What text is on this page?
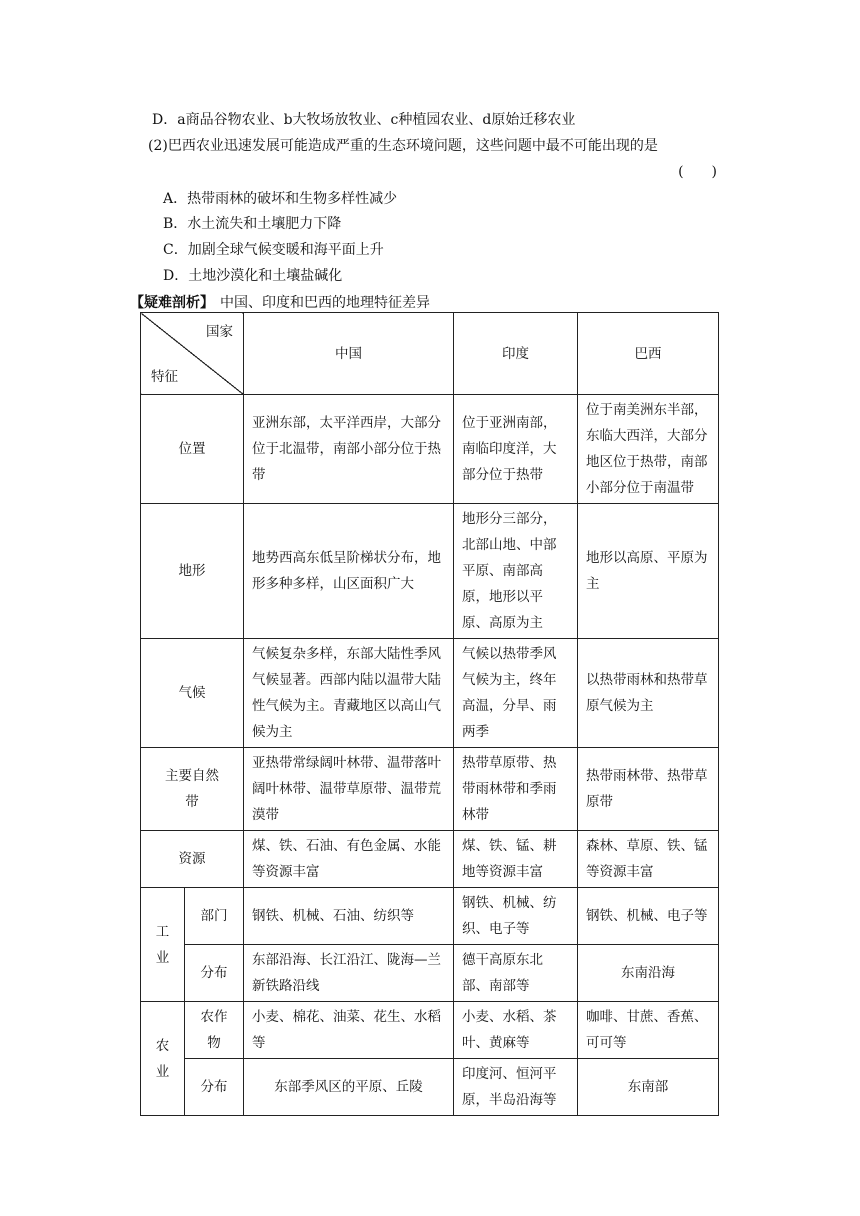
D．a商品谷物农业、b大牧场放牧业、c种植园农业、d原始迁移农业
(2)巴西农业迅速发展可能造成严重的生态环境问题，这些问题中最不可能出现的是
(　　)
A．热带雨林的破坏和生物多样性减少
B．水土流失和土壤肥力下降
C．加剧全球气候变暖和海平面上升
D．土地沙漠化和土壤盐碱化
【疑难剖析】 中国、印度和巴西的地理特征差异
国家
特征		中国	印度	巴西
位置		亚洲东部，太平洋西岸，大部分位于北温带，南部小部分位于热带	位于亚洲南部，南临印度洋，大部分位于热带	位于南美洲东半部，东临大西洋，大部分地区位于热带，南部小部分位于南温带
地形		地势西高东低呈阶梯状分布，地形多种多样，山区面积广大	地形分三部分，北部山地、中部平原、南部高原，地形以平原、高原为主	地形以高原、平原为主
气候		气候复杂多样，东部大陆性季风气候显著。西部内陆以温带大陆性气候为主。青藏地区以高山气候为主	气候以热带季风气候为主，终年高温，分旱、雨两季	以热带雨林和热带草原气候为主
主要自然带		亚热带常绿阔叶林带、温带落叶阔叶林带、温带草原带、温带荒漠带	热带草原带、热带雨林带和季雨林带	热带雨林带、热带草原带
资源		煤、铁、石油、有色金属、水能等资源丰富	煤、铁、锰、耕地等资源丰富	森林、草原、铁、锰等资源丰富
工业	部门	钢铁、机械、石油、纺织等	钢铁、机械、纺织、电子等	钢铁、机械、电子等
	分布	东部沿海、长江沿江、陇海—兰新铁路沿线	德干高原东北部、南部等	东南沿海
农业	农作物	小麦、棉花、油菜、花生、水稻等	小麦、水稻、茶叶、黄麻等	咖啡、甘蔗、香蕉、可可等
	分布	东部季风区的平原、丘陵	印度河、恒河平原，半岛沿海等	东南部
